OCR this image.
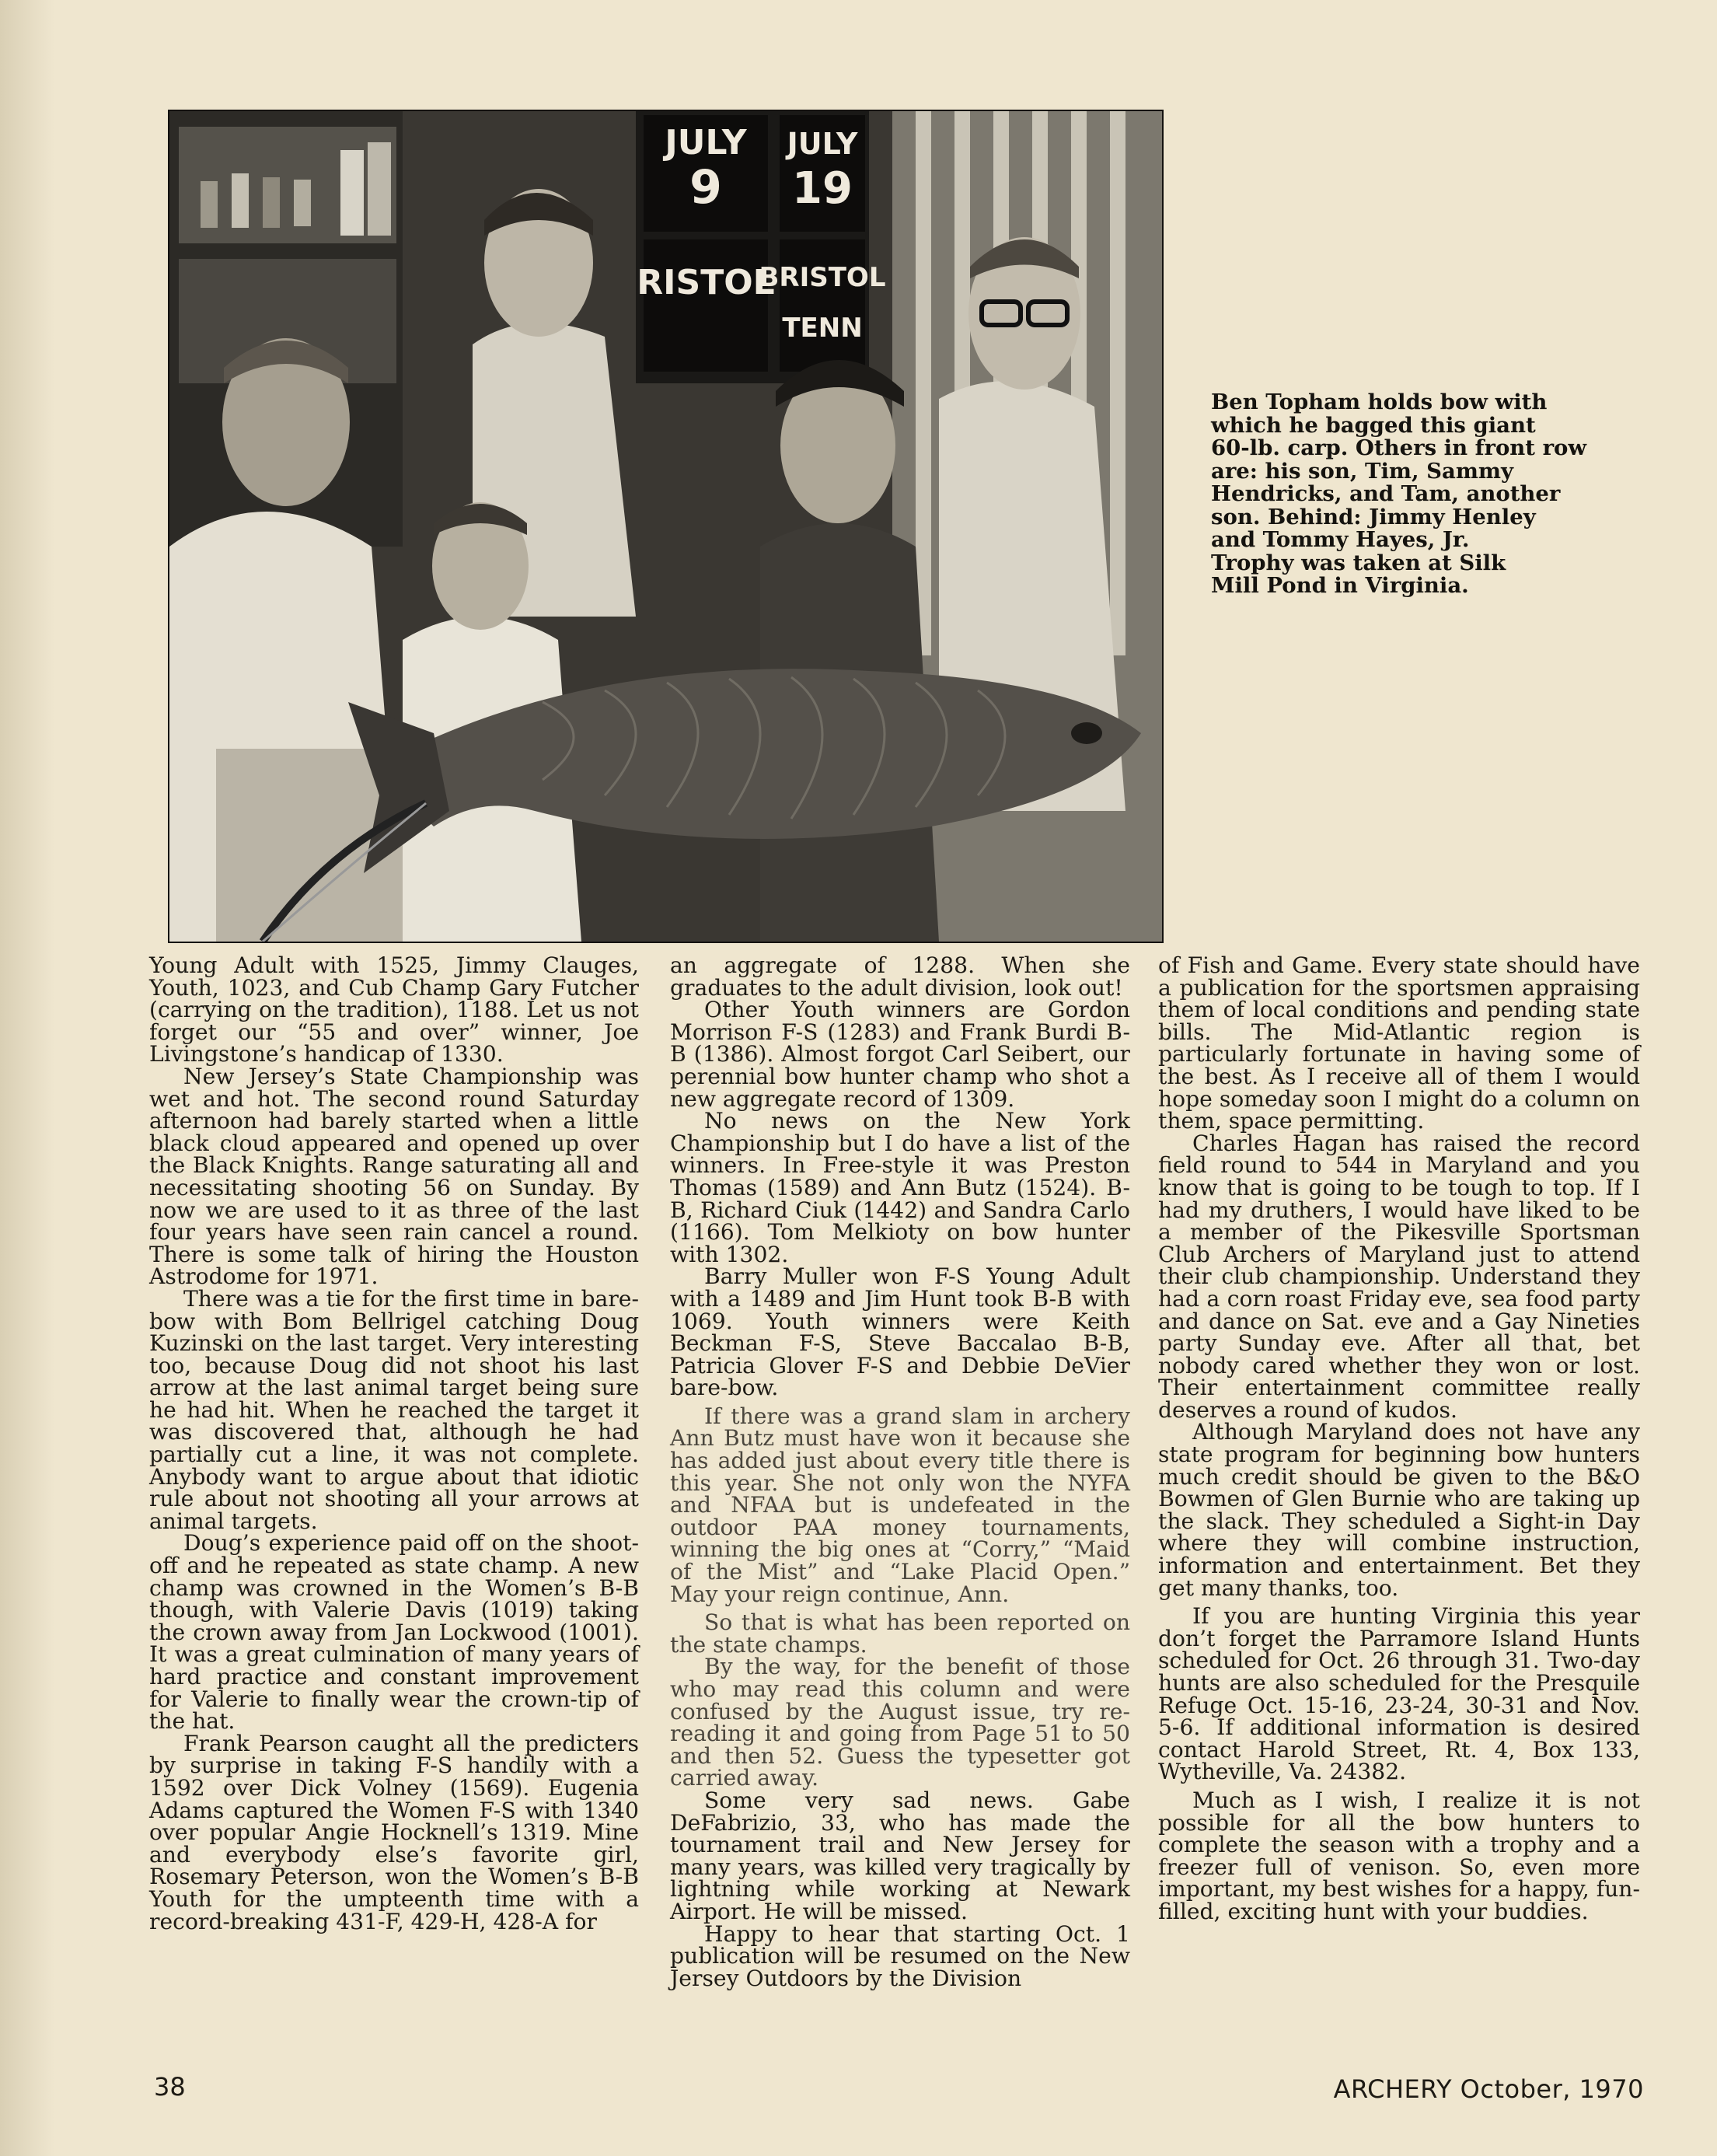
JULY
9
JULY
19
RISTOL
BRISTOL
TENN
Ben Topham holds bow with
which he bagged this giant
60-lb. carp. Others in front row
are: his son, Tim, Sammy
Hendricks, and Tam, another
son. Behind: Jimmy Henley
and Tommy Hayes, Jr.
Trophy was taken at Silk
Mill Pond in Virginia.

Young Adult with 1525, Jimmy Clauges, Youth, 1023, and Cub Champ Gary Futcher (carrying on the tradition), 1188. Let us not forget our “55 and over” winner, Joe Livingstone’s handicap of 1330.

New Jersey’s State Championship was wet and hot. The second round Saturday afternoon had barely started when a little black cloud appeared and opened up over the Black Knights. Range saturating all and necessitating shooting 56 on Sunday. By now we are used to it as three of the last four years have seen rain cancel a round. There is some talk of hiring the Houston Astrodome for 1971.

There was a tie for the first time in bare-bow with Bom Bellrigel catching Doug Kuzinski on the last target. Very interesting too, because Doug did not shoot his last arrow at the last animal target being sure he had hit. When he reached the target it was discovered that, although he had partially cut a line, it was not complete. Anybody want to argue about that idiotic rule about not shooting all your arrows at animal targets.

Doug’s experience paid off on the shoot-off and he repeated as state champ. A new champ was crowned in the Women’s B-B though, with Valerie Davis (1019) taking the crown away from Jan Lockwood (1001). It was a great culmination of many years of hard practice and constant improvement for Valerie to finally wear the crown-tip of the hat.

Frank Pearson caught all the predicters by surprise in taking F-S handily with a 1592 over Dick Volney (1569). Eugenia Adams captured the Women F-S with 1340 over popular Angie Hocknell’s 1319. Mine and everybody else’s favorite girl, Rosemary Peterson, won the Women’s B-B Youth for the umpteenth time with a record-breaking 431-F, 429-H, 428-A for

an aggregate of 1288. When she graduates to the adult division, look out!

Other Youth winners are Gordon Morrison F-S (1283) and Frank Burdi B-B (1386). Almost forgot Carl Seibert, our perennial bow hunter champ who shot a new aggregate record of 1309.

No news on the New York Championship but I do have a list of the winners. In Free-style it was Preston Thomas (1589) and Ann Butz (1524). B-B, Richard Ciuk (1442) and Sandra Carlo (1166). Tom Melkioty on bow hunter with 1302.

Barry Muller won F-S Young Adult with a 1489 and Jim Hunt took B-B with 1069. Youth winners were Keith Beckman F-S, Steve Baccalao B-B, Patricia Glover F-S and Debbie DeVier bare-bow.

If there was a grand slam in archery Ann Butz must have won it because she has added just about every title there is this year. She not only won the NYFA and NFAA but is undefeated in the outdoor PAA money tournaments, winning the big ones at “Corry,” “Maid of the Mist” and “Lake Placid Open.” May your reign continue, Ann.

So that is what has been reported on the state champs.

By the way, for the benefit of those who may read this column and were confused by the August issue, try re-reading it and going from Page 51 to 50 and then 52. Guess the typesetter got carried away.

Some very sad news. Gabe DeFabrizio, 33, who has made the tournament trail and New Jersey for many years, was killed very tragically by lightning while working at Newark Airport. He will be missed.

Happy to hear that starting Oct. 1 publication will be resumed on the New Jersey Outdoors by the Division

of Fish and Game. Every state should have a publication for the sportsmen appraising them of local conditions and pending state bills. The Mid-Atlantic region is particularly fortunate in having some of the best. As I receive all of them I would hope someday soon I might do a column on them, space permitting.

Charles Hagan has raised the record field round to 544 in Maryland and you know that is going to be tough to top. If I had my druthers, I would have liked to be a member of the Pikesville Sportsman Club Archers of Maryland just to attend their club championship. Understand they had a corn roast Friday eve, sea food party and dance on Sat. eve and a Gay Nineties party Sunday eve. After all that, bet nobody cared whether they won or lost. Their entertainment committee really deserves a round of kudos.

Although Maryland does not have any state program for beginning bow hunters much credit should be given to the B&O Bowmen of Glen Burnie who are taking up the slack. They scheduled a Sight-in Day where they will combine instruction, information and entertainment. Bet they get many thanks, too.

If you are hunting Virginia this year don’t forget the Parramore Island Hunts scheduled for Oct. 26 through 31. Two-day hunts are also scheduled for the Presquile Refuge Oct. 15-16, 23-24, 30-31 and Nov. 5-6. If additional information is desired contact Harold Street, Rt. 4, Box 133, Wytheville, Va. 24382.

Much as I wish, I realize it is not possible for all the bow hunters to complete the season with a trophy and a freezer full of venison. So, even more important, my best wishes for a happy, fun-filled, exciting hunt with your buddies.

38	ARCHERY October, 1970
